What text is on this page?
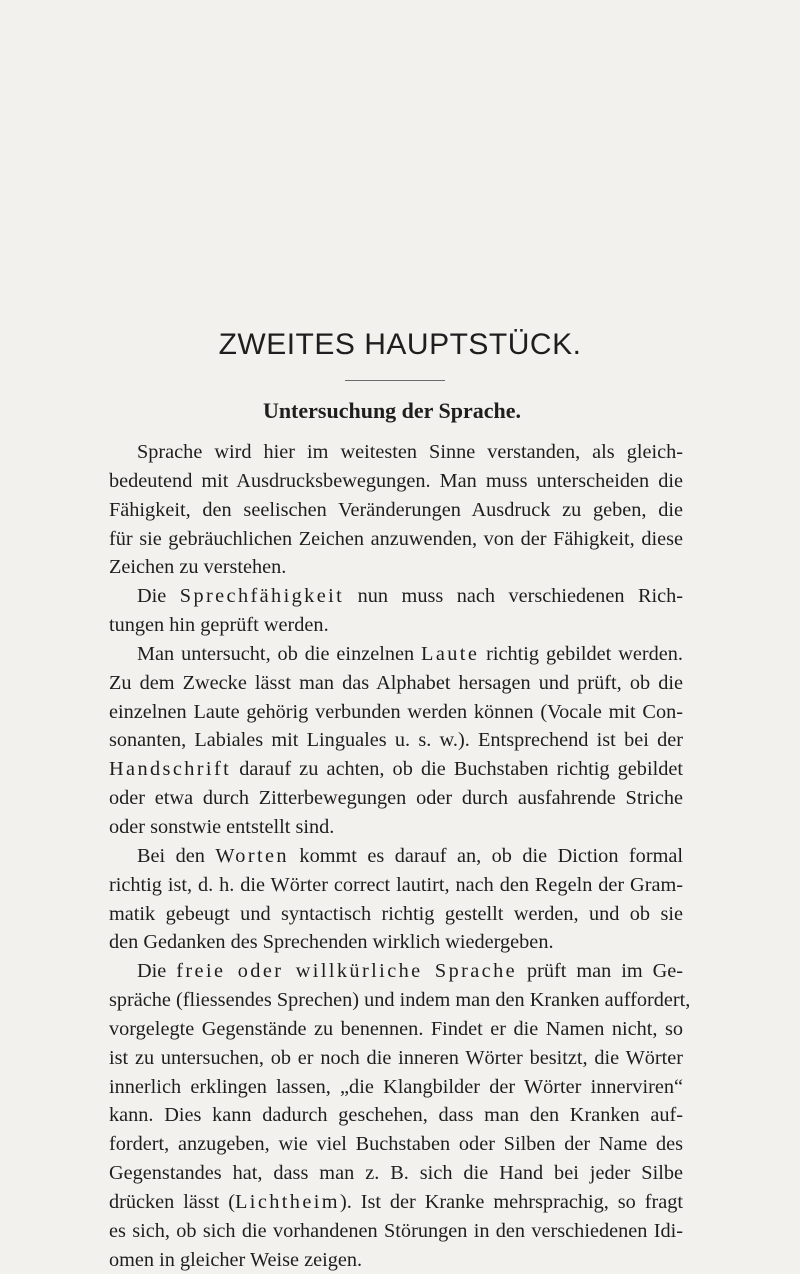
ZWEITES HAUPTSTÜCK.
Untersuchung der Sprache.
Sprache wird hier im weitesten Sinne verstanden, als gleich-
bedeutend mit Ausdrucksbewegungen. Man muss unterscheiden die
Fähigkeit, den seelischen Veränderungen Ausdruck zu geben, die
für sie gebräuchlichen Zeichen anzuwenden, von der Fähigkeit, diese
Zeichen zu verstehen.
Die Sprechfähigkeit nun muss nach verschiedenen Rich-
tungen hin geprüft werden.
Man untersucht, ob die einzelnen Laute richtig gebildet werden.
Zu dem Zwecke lässt man das Alphabet hersagen und prüft, ob die
einzelnen Laute gehörig verbunden werden können (Vocale mit Con-
sonanten, Labiales mit Linguales u. s. w.). Entsprechend ist bei der
Handschrift darauf zu achten, ob die Buchstaben richtig gebildet
oder etwa durch Zitterbewegungen oder durch ausfahrende Striche
oder sonstwie entstellt sind.
Bei den Worten kommt es darauf an, ob die Diction formal
richtig ist, d. h. die Wörter correct lautirt, nach den Regeln der Gram-
matik gebeugt und syntactisch richtig gestellt werden, und ob sie
den Gedanken des Sprechenden wirklich wiedergeben.
Die freie oder willkürliche Sprache prüft man im Ge-
spräche (fliessendes Sprechen) und indem man den Kranken auffordert,
vorgelegte Gegenstände zu benennen. Findet er die Namen nicht, so
ist zu untersuchen, ob er noch die inneren Wörter besitzt, die Wörter
innerlich erklingen lassen, „die Klangbilder der Wörter innerviren“
kann. Dies kann dadurch geschehen, dass man den Kranken auf-
fordert, anzugeben, wie viel Buchstaben oder Silben der Name des
Gegenstandes hat, dass man z. B. sich die Hand bei jeder Silbe
drücken lässt (Lichtheim). Ist der Kranke mehrsprachig, so fragt
es sich, ob sich die vorhandenen Störungen in den verschiedenen Idi-
omen in gleicher Weise zeigen.
